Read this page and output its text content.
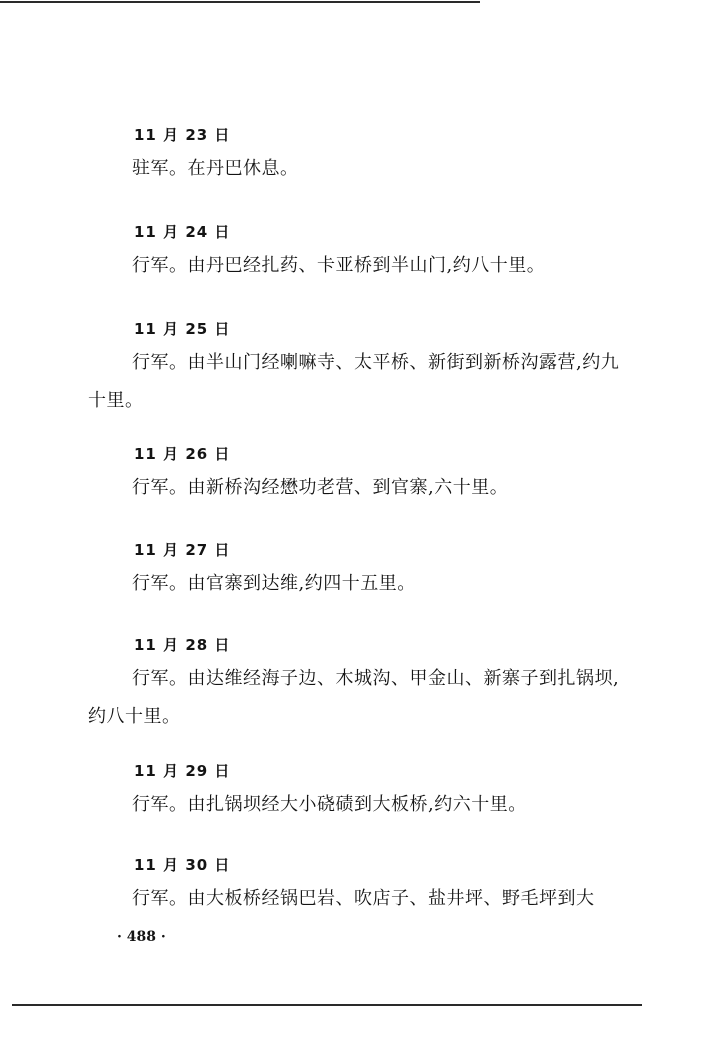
11 月 23 日
驻军。在丹巴休息。
11 月 24 日
行军。由丹巴经扎药、卡亚桥到半山门,约八十里。
11 月 25 日
行军。由半山门经喇嘛寺、太平桥、新街到新桥沟露营,约九十里。
11 月 26 日
行军。由新桥沟经懋功老营、到官寨,六十里。
11 月 27 日
行军。由官寨到达维,约四十五里。
11 月 28 日
行军。由达维经海子边、木城沟、甲金山、新寨子到扎锅坝,约八十里。
11 月 29 日
行军。由扎锅坝经大小硗碛到大板桥,约六十里。
11 月 30 日
行军。由大板桥经锅巴岩、吹店子、盐井坪、野毛坪到大
· 488 ·
